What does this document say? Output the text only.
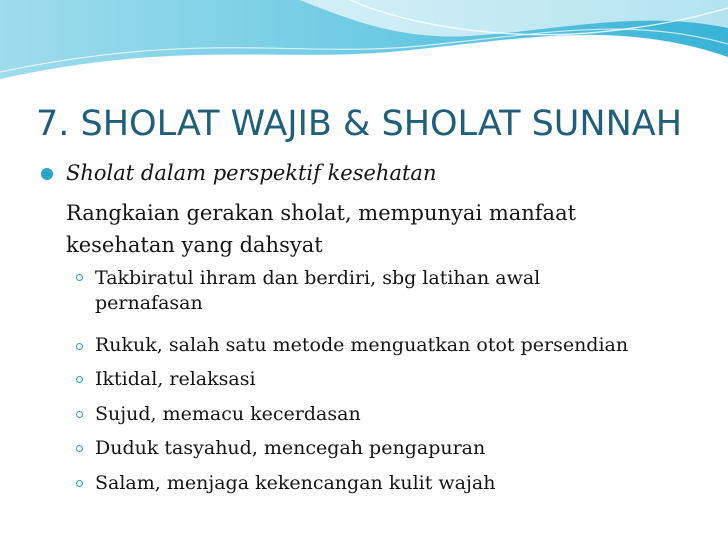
7. SHOLAT WAJIB & SHOLAT SUNNAH
Sholat dalam perspektif kesehatan
Rangkaian gerakan sholat, mempunyai manfaat kesehatan yang dahsyat
Takbiratul ihram dan berdiri, sbg latihan awal pernafasan
Rukuk, salah satu metode menguatkan otot persendian
Iktidal, relaksasi
Sujud, memacu kecerdasan
Duduk tasyahud, mencegah pengapuran
Salam, menjaga kekencangan kulit wajah
